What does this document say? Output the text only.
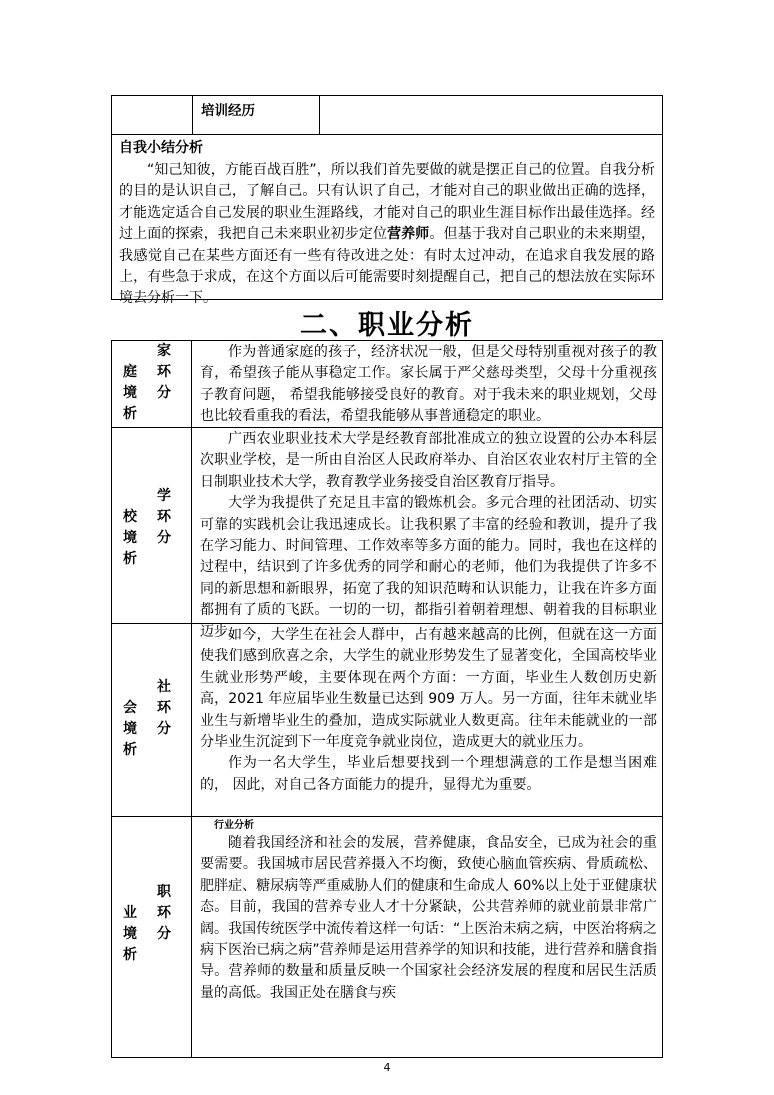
培训经历
自我小结分析

“知己知彼，方能百战百胜”，所以我们首先要做的就是摆正自己的位置。自我分析的目的是认识自己，了解自己。只有认识了自己，才能对自己的职业做出正确的选择，才能选定适合自己发展的职业生涯路线，才能对自己的职业生涯目标作出最佳选择。经过上面的探索，我把自己未来职业初步定位营养师。但基于我对自己职业的未来期望，我感觉自己在某些方面还有一些有待改进之处：有时太过冲动，在追求自我发展的路上，有些急于求成，在这个方面以后可能需要时刻提醒自己，把自己的想法放在实际环境去分析一下。

二、职业分析
家
庭 环
境 分
析

作为普通家庭的孩子，经济状况一般，但是父母特别重视对孩子的教育，希望孩子能从事稳定工作。家长属于严父慈母类型，父母十分重视孩子教育问题， 希望我能够接受良好的教育。对于我未来的职业规划，父母也比较看重我的看法，希望我能够从事普通稳定的职业。

学
校 环
境 分
析

广西农业职业技术大学是经教育部批准成立的独立设置的公办本科层次职业学校，是一所由自治区人民政府举办、自治区农业农村厅主管的全日制职业技术大学，教育教学业务接受自治区教育厅指导。

大学为我提供了充足且丰富的锻炼机会。多元合理的社团活动、切实可靠的实践机会让我迅速成长。让我积累了丰富的经验和教训，提升了我在学习能力、时间管理、工作效率等多方面的能力。同时，我也在这样的过程中，结识到了许多优秀的同学和耐心的老师，他们为我提供了许多不同的新思想和新眼界，拓宽了我的知识范畴和认识能力，让我在许多方面都拥有了质的飞跃。一切的一切，都指引着朝着理想、朝着我的目标职业迈步。

社
会 环
境 分
析

如今，大学生在社会人群中，占有越来越高的比例，但就在这一方面使我们感到欣喜之余，大学生的就业形势发生了显著变化，全国高校毕业生就业形势严峻，主要体现在两个方面：一方面，毕业生人数创历史新高，2021 年应届毕业生数量已达到 909 万人。另一方面，往年未就业毕业生与新增毕业生的叠加，造成实际就业人数更高。往年未能就业的一部分毕业生沉淀到下一年度竞争就业岗位，造成更大的就业压力。

作为一名大学生，毕业后想要找到一个理想满意的工作是想当困难的， 因此，对自己各方面能力的提升，显得尤为重要。

职
业 环
境 分
析
行业分析

随着我国经济和社会的发展，营养健康，食品安全，已成为社会的重要需要。我国城市居民营养摄入不均衡，致使心脑血管疾病、骨质疏松、肥胖症、糖尿病等严重威胁人们的健康和生命成人 60%以上处于亚健康状态。目前，我国的营养专业人才十分紧缺，公共营养师的就业前景非常广阔。我国传统医学中流传着这样一句话：“上医治未病之病，中医治将病之病下医治已病之病”营养师是运用营养学的知识和技能，进行营养和膳食指导。营养师的数量和质量反映一个国家社会经济发展的程度和居民生活质量的高低。我国正处在膳食与疾

4
